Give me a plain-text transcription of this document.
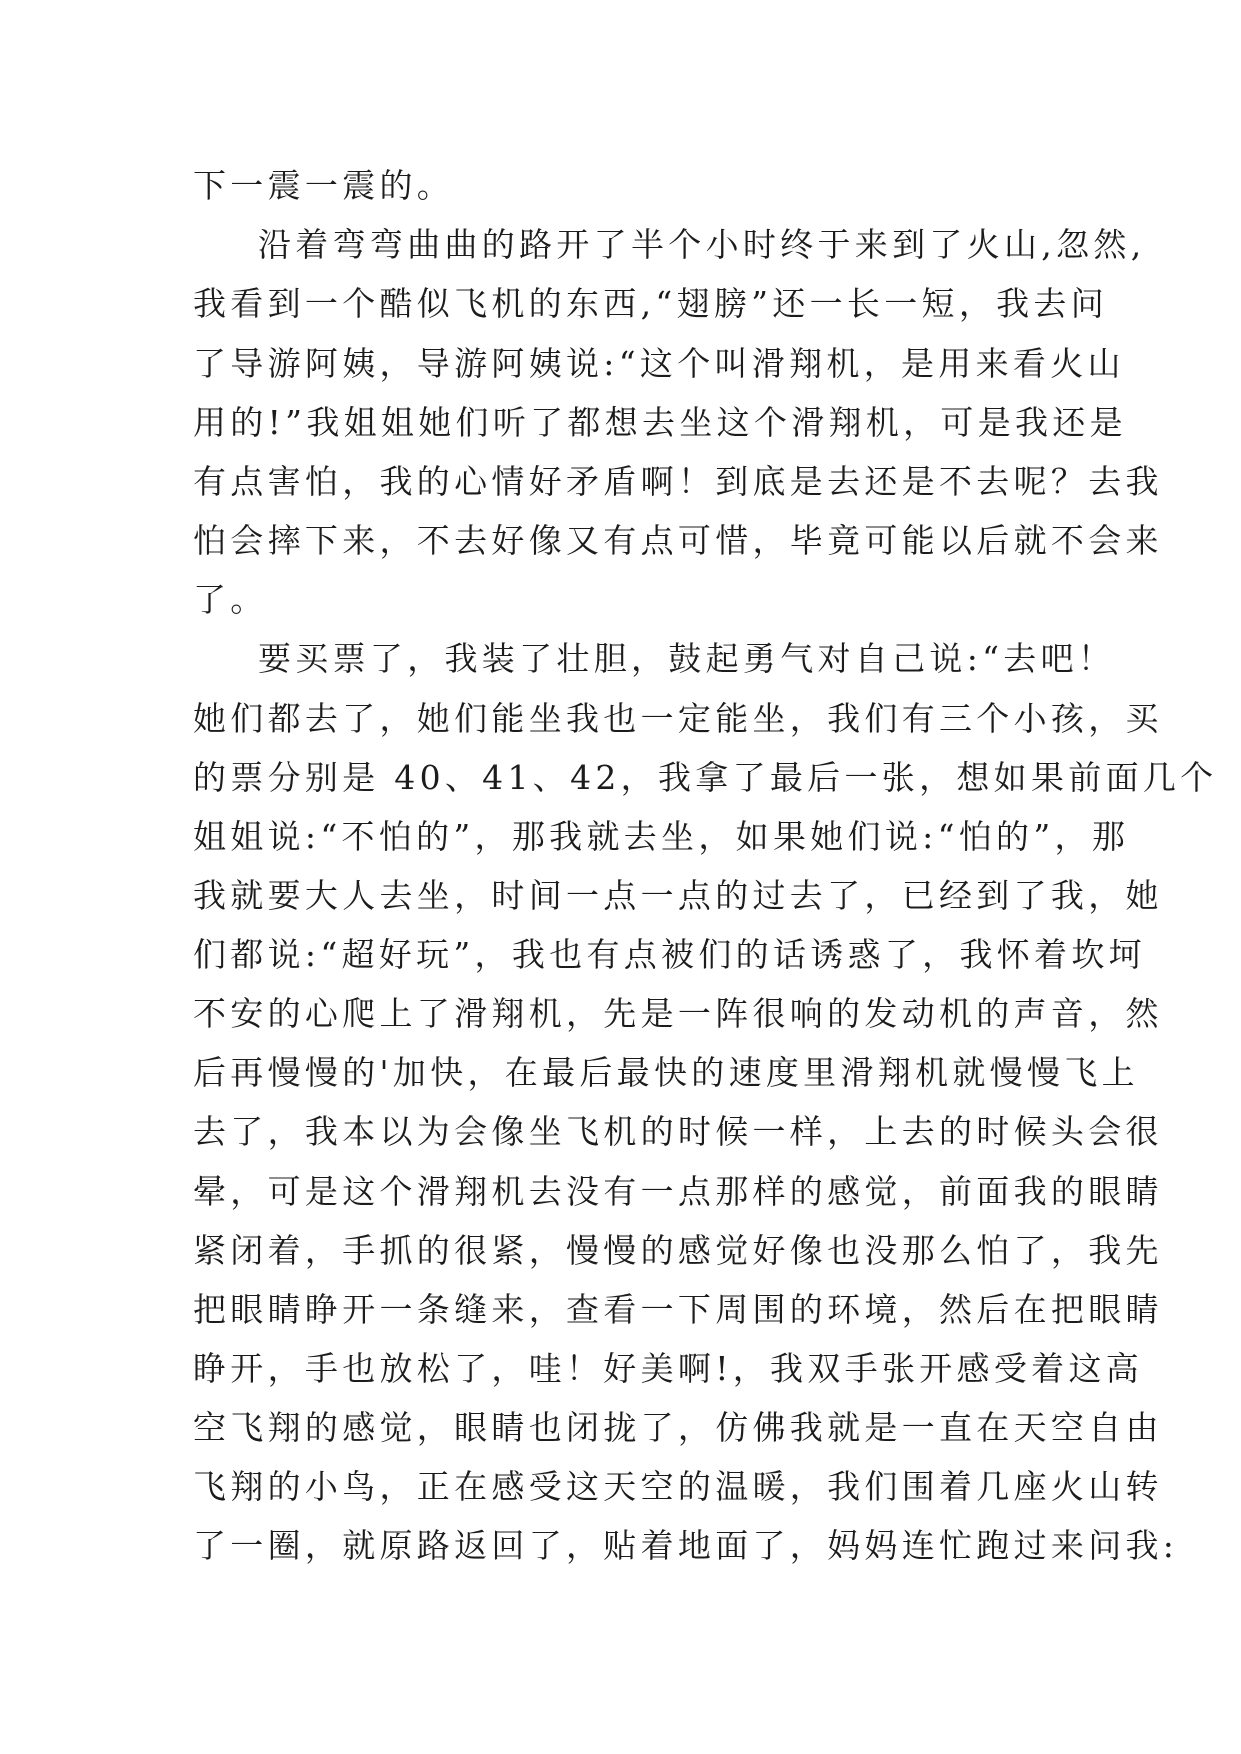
下一震一震的。
沿着弯弯曲曲的路开了半个小时终于来到了火山,忽然,
我看到一个酷似飞机的东西,“翅膀”还一长一短，我去问
了导游阿姨，导游阿姨说:“这个叫滑翔机，是用来看火山
用的!”我姐姐她们听了都想去坐这个滑翔机，可是我还是
有点害怕，我的心情好矛盾啊！到底是去还是不去呢？去我
怕会摔下来，不去好像又有点可惜，毕竟可能以后就不会来
了。
要买票了，我装了壮胆，鼓起勇气对自己说:“去吧！
她们都去了，她们能坐我也一定能坐，我们有三个小孩，买
的票分别是 40、41、42，我拿了最后一张，想如果前面几个
姐姐说:“不怕的”，那我就去坐，如果她们说:“怕的”，那
我就要大人去坐，时间一点一点的过去了，已经到了我，她
们都说:“超好玩”，我也有点被们的话诱惑了，我怀着坎坷
不安的心爬上了滑翔机，先是一阵很响的发动机的声音，然
后再慢慢的'加快，在最后最快的速度里滑翔机就慢慢飞上
去了，我本以为会像坐飞机的时候一样，上去的时候头会很
晕，可是这个滑翔机去没有一点那样的感觉，前面我的眼睛
紧闭着，手抓的很紧，慢慢的感觉好像也没那么怕了，我先
把眼睛睁开一条缝来，查看一下周围的环境，然后在把眼睛
睁开，手也放松了，哇！好美啊!，我双手张开感受着这高
空飞翔的感觉，眼睛也闭拢了，仿佛我就是一直在天空自由
飞翔的小鸟，正在感受这天空的温暖，我们围着几座火山转
了一圈，就原路返回了，贴着地面了，妈妈连忙跑过来问我:
